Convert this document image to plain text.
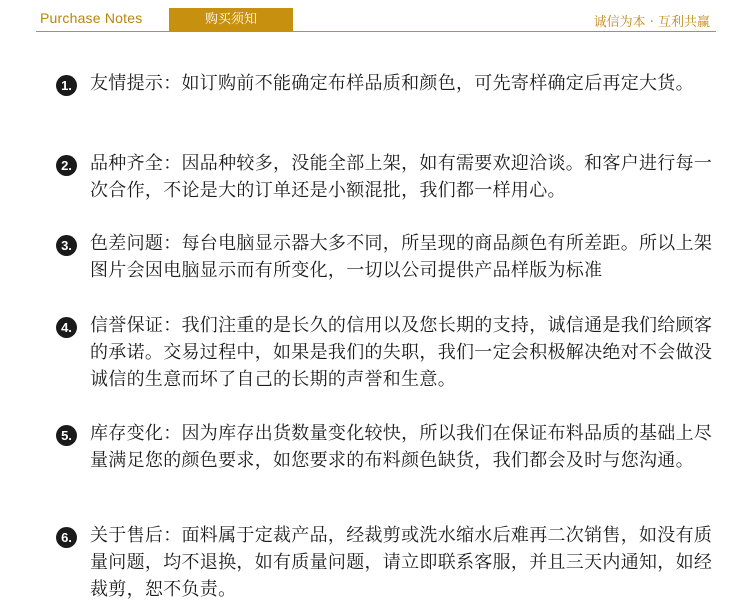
Purchase Notes	购买须知	诚信为本 · 互利共赢
1. 友情提示：如订购前不能确定布样品质和颜色，可先寄样确定后再定大货。
2. 品种齐全：因品种较多，没能全部上架，如有需要欢迎洽谈。和客户进行每一次合作，不论是大的订单还是小额混批，我们都一样用心。
3. 色差问题：每台电脑显示器大多不同，所呈现的商品颜色有所差距。所以上架图片会因电脑显示而有所变化，一切以公司提供产品样版为标准
4. 信誉保证：我们注重的是长久的信用以及您长期的支持，诚信通是我们给顾客的承诺。交易过程中，如果是我们的失职，我们一定会积极解决绝对不会做没诚信的生意而坏了自己的长期的声誉和生意。
5. 库存变化：因为库存出货数量变化较快，所以我们在保证布料品质的基础上尽量满足您的颜色要求，如您要求的布料颜色缺货，我们都会及时与您沟通。
6. 关于售后：面料属于定裁产品，经裁剪或洗水缩水后难再二次销售，如没有质量问题，均不退换，如有质量问题，请立即联系客服，并且三天内通知，如经裁剪，恕不负责。
